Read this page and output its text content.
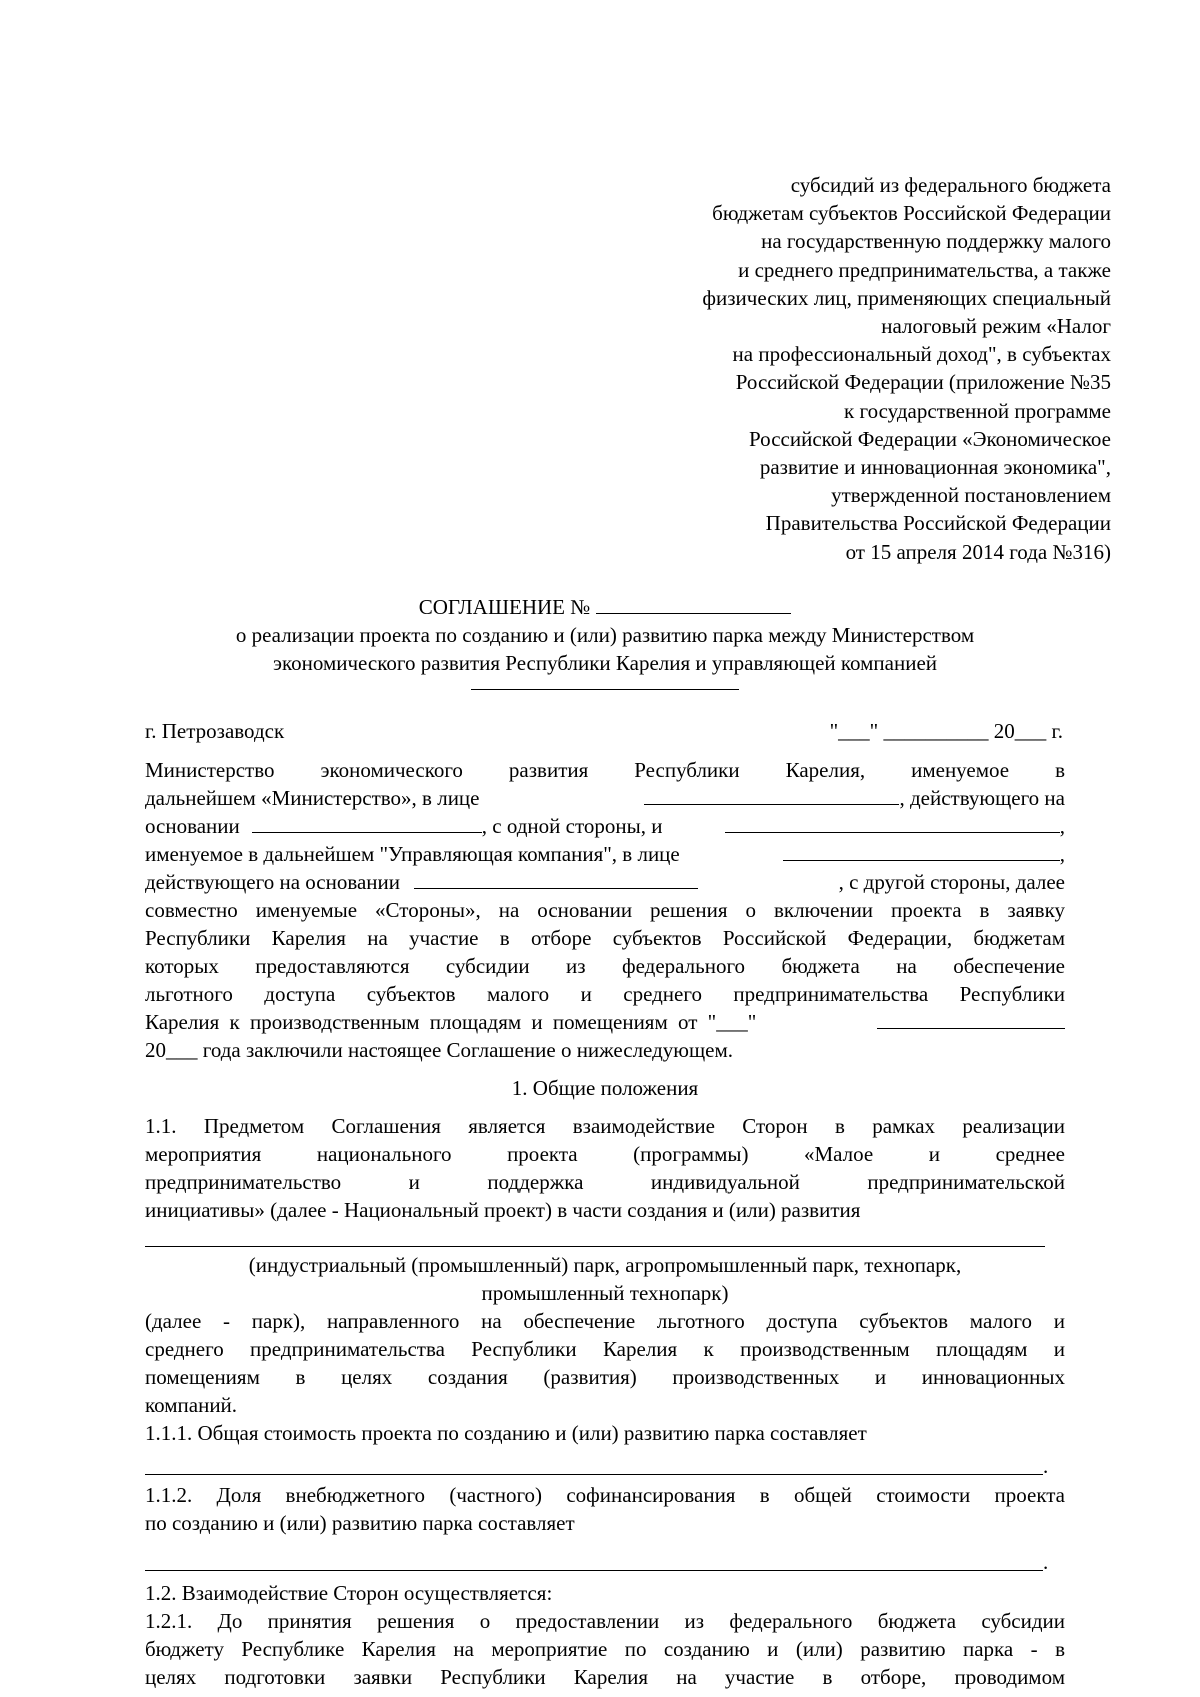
субсидий из федерального бюджета
бюджетам субъектов Российской Федерации
на государственную поддержку малого
и среднего предпринимательства, а также
физических лиц, применяющих специальный
налоговый режим «Налог
на профессиональный доход", в субъектах
Российской Федерации (приложение №35
к государственной программе
Российской Федерации «Экономическое
развитие и инновационная экономика",
утвержденной постановлением
Правительства Российской Федерации
от 15 апреля 2014 года №316)
СОГЛАШЕНИЕ №
о реализации проекта по созданию и (или) развитию парка между Министерством
экономического развития Республики Карелия и управляющей компанией
г. Петрозаводск	"___" __________ 20___ г.
Министерство экономического развития Республики Карелия, именуемое в
дальнейшем «Министерство», в лице	, действующего на
основании	, с одной стороны, и	,
именуемое в дальнейшем "Управляющая компания", в лице	,
действующего на основании	, с другой стороны, далее
совместно именуемые «Стороны», на основании решения о включении проекта в заявку
Республики Карелия на участие в отборе субъектов Российской Федерации, бюджетам
которых предоставляются субсидии из федерального бюджета на обеспечение
льготного доступа субъектов малого и среднего предпринимательства Республики
Карелия к производственным площадям и помещениям от "___"
20___ года заключили настоящее Соглашение о нижеследующем.
1. Общие положения
1.1. Предметом Соглашения является взаимодействие Сторон в рамках реализации
мероприятия национального проекта (программы) «Малое и среднее
предпринимательство и поддержка индивидуальной предпринимательской
инициативы» (далее - Национальный проект) в части создания и (или) развития
(индустриальный (промышленный) парк, агропромышленный парк, технопарк,
промышленный технопарк)
(далее - парк), направленного на обеспечение льготного доступа субъектов малого и
среднего предпринимательства Республики Карелия к производственным площадям и
помещениям в целях создания (развития) производственных и инновационных
компаний.
1.1.1. Общая стоимость проекта по созданию и (или) развитию парка составляет
.
1.1.2. Доля внебюджетного (частного) софинансирования в общей стоимости проекта
по созданию и (или) развитию парка составляет
.
1.2. Взаимодействие Сторон осуществляется:
1.2.1. До принятия решения о предоставлении из федерального бюджета субсидии
бюджету Республике Карелия на мероприятие по созданию и (или) развитию парка - в
целях подготовки заявки Республики Карелия на участие в отборе, проводимом
